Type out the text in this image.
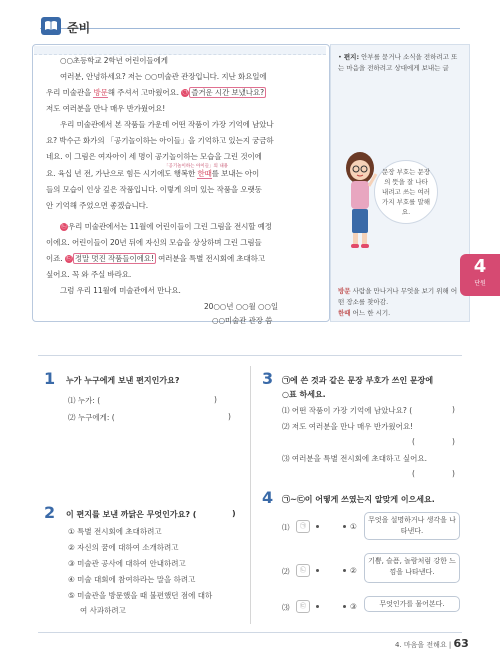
준비
○○초등학교 2학년 어린이들에게
여러분, 안녕하세요? 저는 ○○미술관 관장입니다. 지난 화요일에
우리 미술관을 방문해 주셔서 고마웠어요. ㉠ 즐거운 시간 보냈나요?
저도 여러분을 만나 매우 반가웠어요!
우리 미술관에서 본 작품들 가운데 어떤 작품이 가장 기억에 남았나
요? 박수근 화가의 「공기놀이하는 아이들」을 기억하고 있는지 궁금하
네요. 이 그림은 여자아이 세 명이 공기놀이하는 모습을 그린 것이에
「공기놀이하는 아이들」의 내용
요. 육십 년 전, 가난으로 힘든 시기에도 행복한 한때를 보내는 아이
들의 모습이 인상 깊은 작품입니다. 이렇게 의미 있는 작품을 오랫동
안 기억해 주었으면 좋겠습니다.
㉡우리 미술관에서는 11월에 어린이들이 그린 그림을 전시할 예정
이에요. 어린이들이 20년 뒤에 자신의 모습을 상상하며 그린 그림들
이죠. ㉢ 정말 멋진 작품들이에요! 여러분을 특별 전시회에 초대하고
싶어요. 꼭 와 주실 바라요.
그럼 우리 11월에 미술관에서 만나요.
20○○년 ○○월 ○○일
○○미술관 관장 씀
• 편지: 안부를 묻거나 소식을 전하려고 또는 마음을 전하려고 상대에게 보내는 글
문장 부호는 문장의 뜻을 잘 나타내려고 쓰는 여러 가지 부호를 말해요.
방문 사람을 만나거나 무엇을 보기 위해 어떤 장소를 찾아감.
한때 어느 한 시기.
4
단원
1 누가 누구에게 보낸 편지인가요?
⑴ 누가: (	)
⑵ 누구에게: (	)
2 이 편지를 보낸 까닭은 무엇인가요? (	)
① 특별 전시회에 초대하려고
② 자신의 꿈에 대하여 소개하려고
③ 미술관 공사에 대하여 안내하려고
④ 미술 대회에 참여하라는 말을 하려고
⑤ 미술관을 방문했을 때 불편했던 점에 대하
여 사과하려고
3 ㉠에 쓴 것과 같은 문장 부호가 쓰인 문장에
○표 하세요.
⑴ 어떤 작품이 가장 기억에 남았나요? (	)
⑵ 저도 여러분을 만나 매우 반가웠어요!
(	)
⑶ 여러분을 특별 전시회에 초대하고 싶어요.
(	)
4 ㉠~㉢이 어떻게 쓰였는지 알맞게 이으세요.
⑴	㉠	①
무엇을 설명하거나 생각을 나타낸다.
⑵	㉡	②
기쁨, 슬픔, 놀람처럼 강한 느낌을 나타낸다.
⑶	㉢	③	무엇인가를 물어본다.
4. 마음을 전해요 | 63
